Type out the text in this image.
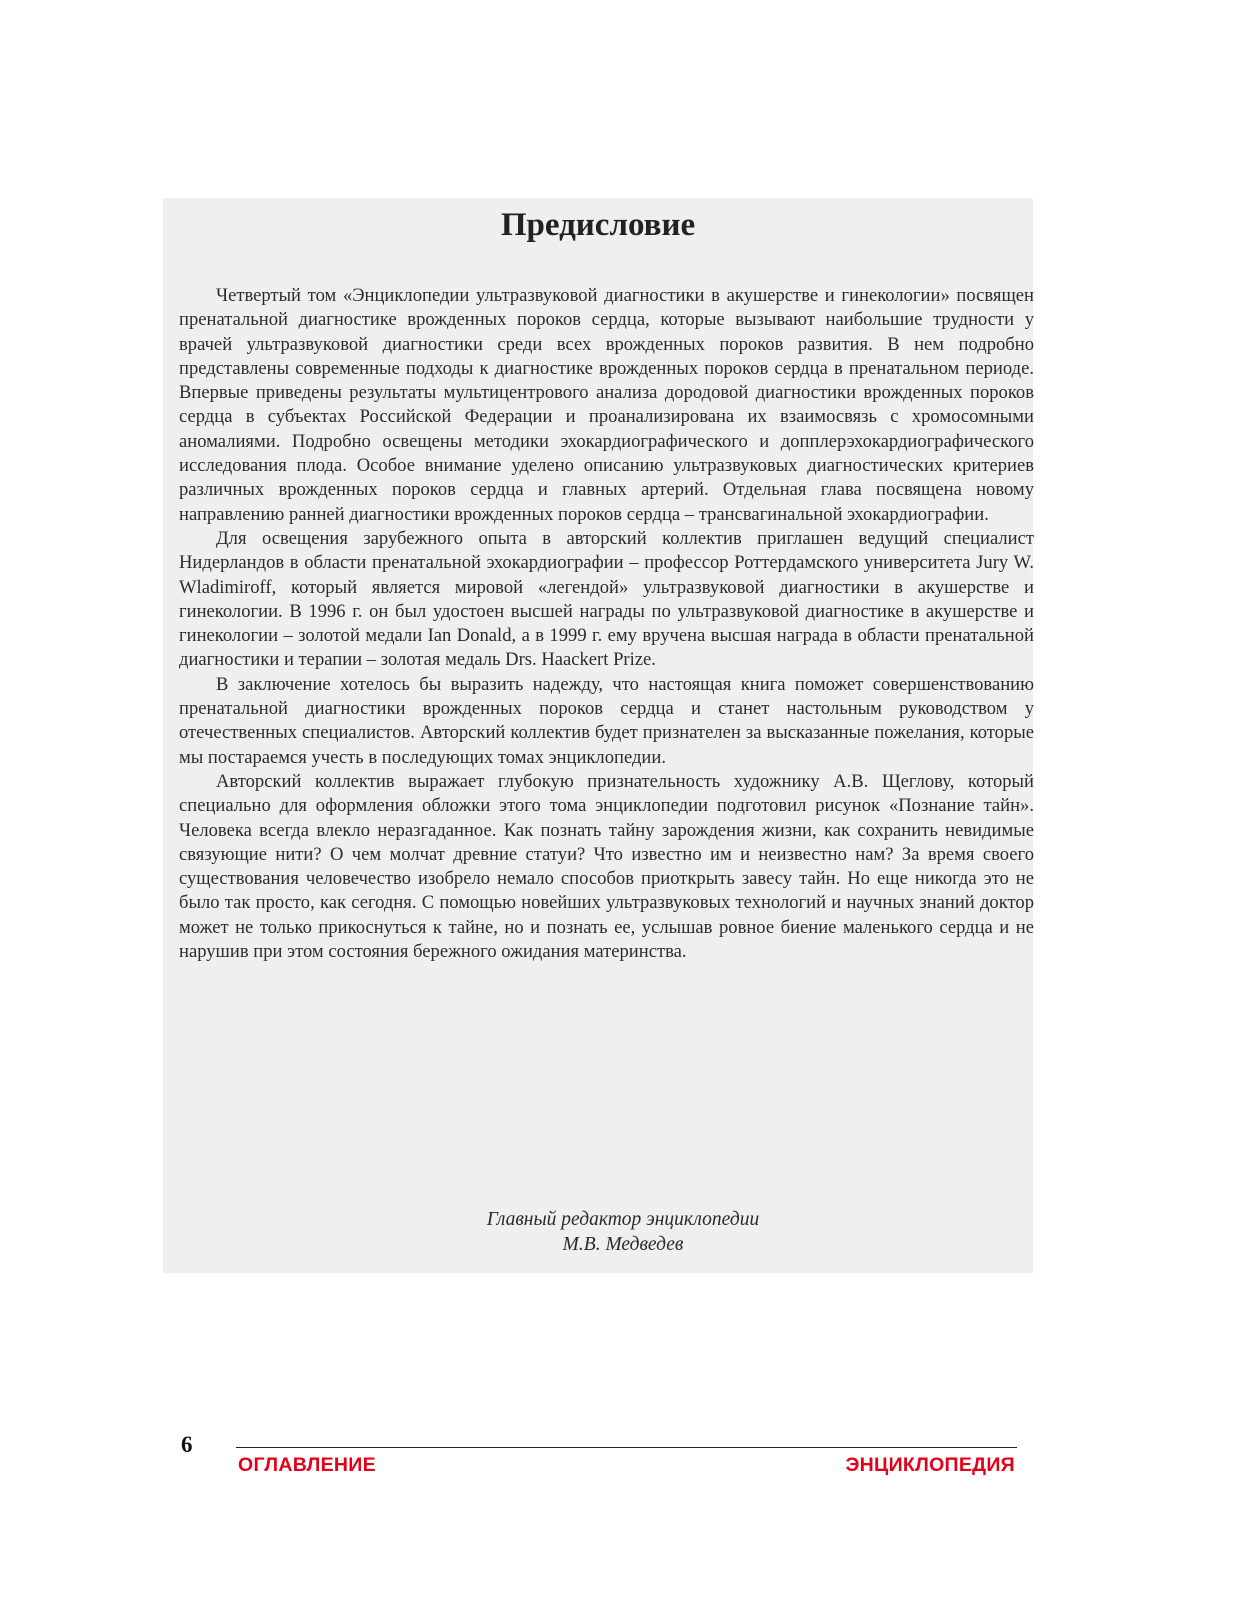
Предисловие

Четвертый том «Энциклопедии ультразвуковой диагностики в акушерстве и гинекологии» посвящен пренатальной диагностике врожденных пороков сердца, которые вызывают наибольшие трудности у врачей ультразвуковой диагностики среди всех врожденных пороков развития. В нем подробно представлены современные подходы к диагностике врожденных пороков сердца в пренатальном периоде. Впервые приведены результаты мультицентрового анализа дородовой диагностики врожденных пороков сердца в субъектах Российской Федерации и проанализирована их взаимосвязь с хромосомными аномалиями. Подробно освещены методики эхокардиографического и допплерэхокардиографического исследования плода. Особое внимание уделено описанию ультразвуковых диагностических критериев различных врожденных пороков сердца и главных артерий. Отдельная глава посвящена новому направлению ранней диагностики врожденных пороков сердца – трансвагинальной эхокардиографии.

Для освещения зарубежного опыта в авторский коллектив приглашен ведущий специалист Нидерландов в области пренатальной эхокардиографии – профессор Роттердамского университета Jury W. Wladimiroff, который является мировой «легендой» ультразвуковой диагностики в акушерстве и гинекологии. В 1996 г. он был удостоен высшей награды по ультразвуковой диагностике в акушерстве и гинекологии – золотой медали Ian Donald, а в 1999 г. ему вручена высшая награда в области пренатальной диагностики и терапии – золотая медаль Drs. Haackert Prize.

В заключение хотелось бы выразить надежду, что настоящая книга поможет совершенствованию пренатальной диагностики врожденных пороков сердца и станет настольным руководством у отечественных специалистов. Авторский коллектив будет признателен за высказанные пожелания, которые мы постараемся учесть в последующих томах энциклопедии.

Авторский коллектив выражает глубокую признательность художнику А.В. Щеглову, который специально для оформления обложки этого тома энциклопедии подготовил рисунок «Познание тайн». Человека всегда влекло неразгаданное. Как познать тайну зарождения жизни, как сохранить невидимые связующие нити? О чем молчат древние статуи? Что известно им и неизвестно нам? За время своего существования человечество изобрело немало способов приоткрыть завесу тайн. Но еще никогда это не было так просто, как сегодня. С помощью новейших ультразвуковых технологий и научных знаний доктор может не только прикоснуться к тайне, но и познать ее, услышав ровное биение маленького сердца и не нарушив при этом состояния бережного ожидания материнства.

Главный редактор энциклопедии
М.В. Медведев
6
ОГЛАВЛЕНИЕ	ЭНЦИКЛОПЕДИЯ
